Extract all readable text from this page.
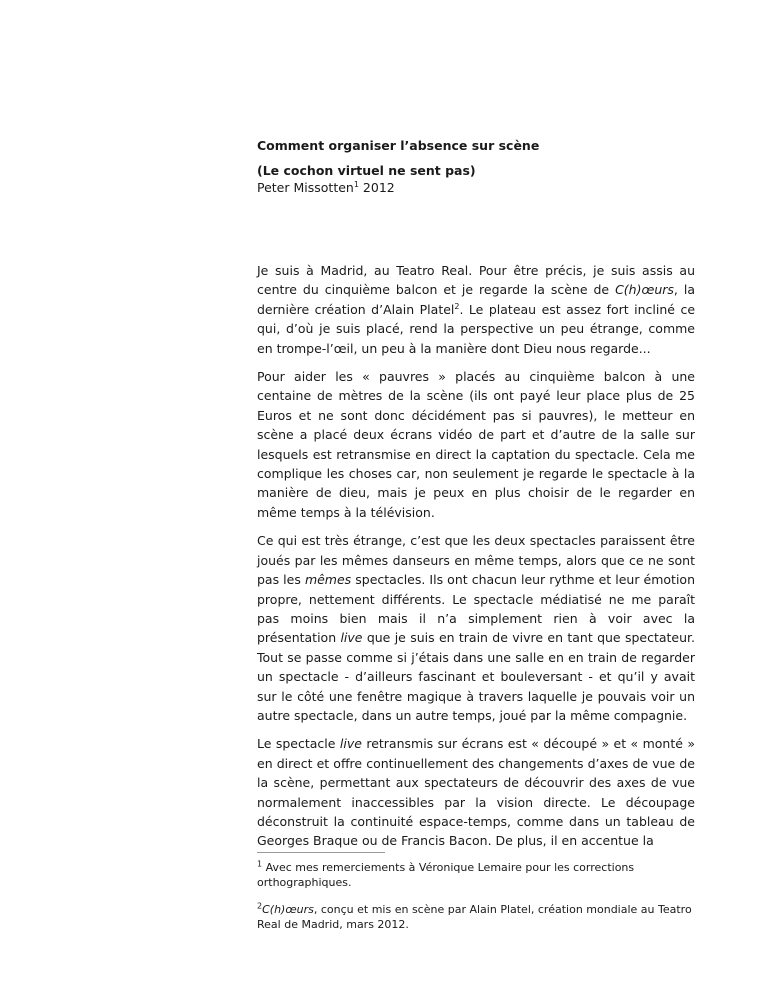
Comment organiser l’absence sur scène
(Le cochon virtuel ne sent pas)
Peter Missotten$^1$ 2012

Je suis à Madrid, au Teatro Real. Pour être précis, je suis assis au centre du cinquième balcon et je regarde la scène de C(h)œurs, la dernière création d’Alain Platel$^2$. Le plateau est assez fort incliné ce qui, d’où je suis placé, rend la perspective un peu étrange, comme en trompe-l’œil, un peu à la manière dont Dieu nous regarde...

Pour aider les « pauvres » placés au cinquième balcon à une centaine de mètres de la scène (ils ont payé leur place plus de 25 Euros et ne sont donc décidément pas si pauvres), le metteur en scène a placé deux écrans vidéo de part et d’autre de la salle sur lesquels est retransmise en direct la captation du spectacle. Cela me complique les choses car, non seulement je regarde le spectacle à la manière de dieu, mais je peux en plus choisir de le regarder en même temps à la télévision.

Ce qui est très étrange, c’est que les deux spectacles paraissent être joués par les mêmes danseurs en même temps, alors que ce ne sont pas les mêmes spectacles. Ils ont chacun leur rythme et leur émotion propre, nettement différents. Le spectacle médiatisé ne me paraît pas moins bien mais il n’a simplement rien à voir avec la présentation live que je suis en train de vivre en tant que spectateur. Tout se passe comme si j’étais dans une salle en en train de regarder un spectacle - d’ailleurs fascinant et bouleversant - et qu’il y avait sur le côté une fenêtre magique à travers laquelle je pouvais voir un autre spectacle, dans un autre temps, joué par la même compagnie.

Le spectacle live retransmis sur écrans est « découpé » et « monté » en direct et offre continuellement des changements d’axes de vue de la scène, permettant aux spectateurs de découvrir des axes de vue normalement inaccessibles par la vision directe. Le découpage déconstruit la continuité espace-temps, comme dans un tableau de Georges Braque ou de Francis Bacon. De plus, il en accentue la

$^1$ Avec mes remerciements à Véronique Lemaire pour les corrections orthographiques.
$^2$C(h)œurs, conçu et mis en scène par Alain Platel, création mondiale au Teatro Real de Madrid, mars 2012.
